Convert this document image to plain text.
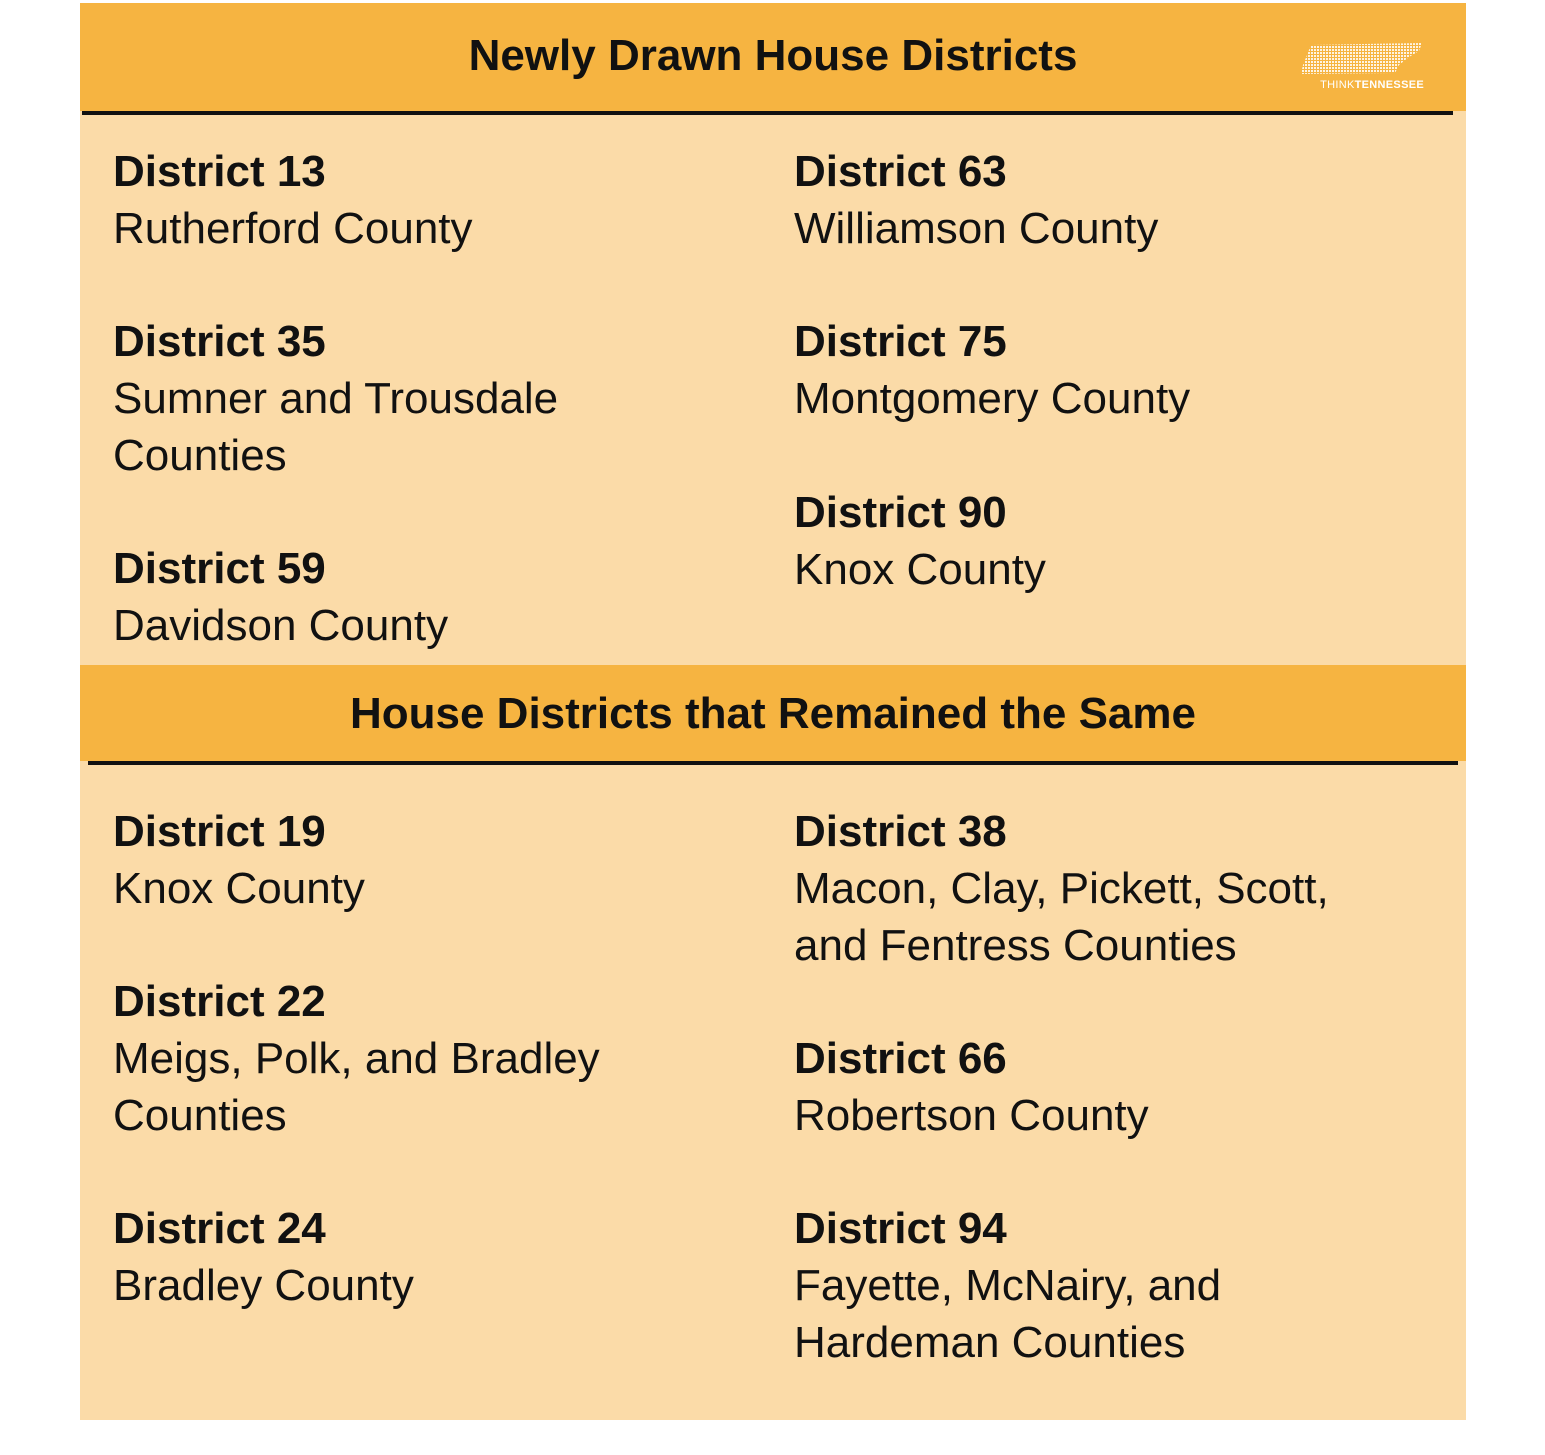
Newly Drawn House Districts
THINKTENNESSEE
District 13
Rutherford County
District 35
Sumner and Trousdale Counties
District 59
Davidson County
District 63
Williamson County
District 75
Montgomery County
District 90
Knox County
House Districts that Remained the Same
District 19
Knox County
District 22
Meigs, Polk, and Bradley Counties
District 24
Bradley County
District 38
Macon, Clay, Pickett, Scott, and Fentress Counties
District 66
Robertson County
District 94
Fayette, McNairy, and Hardeman Counties
